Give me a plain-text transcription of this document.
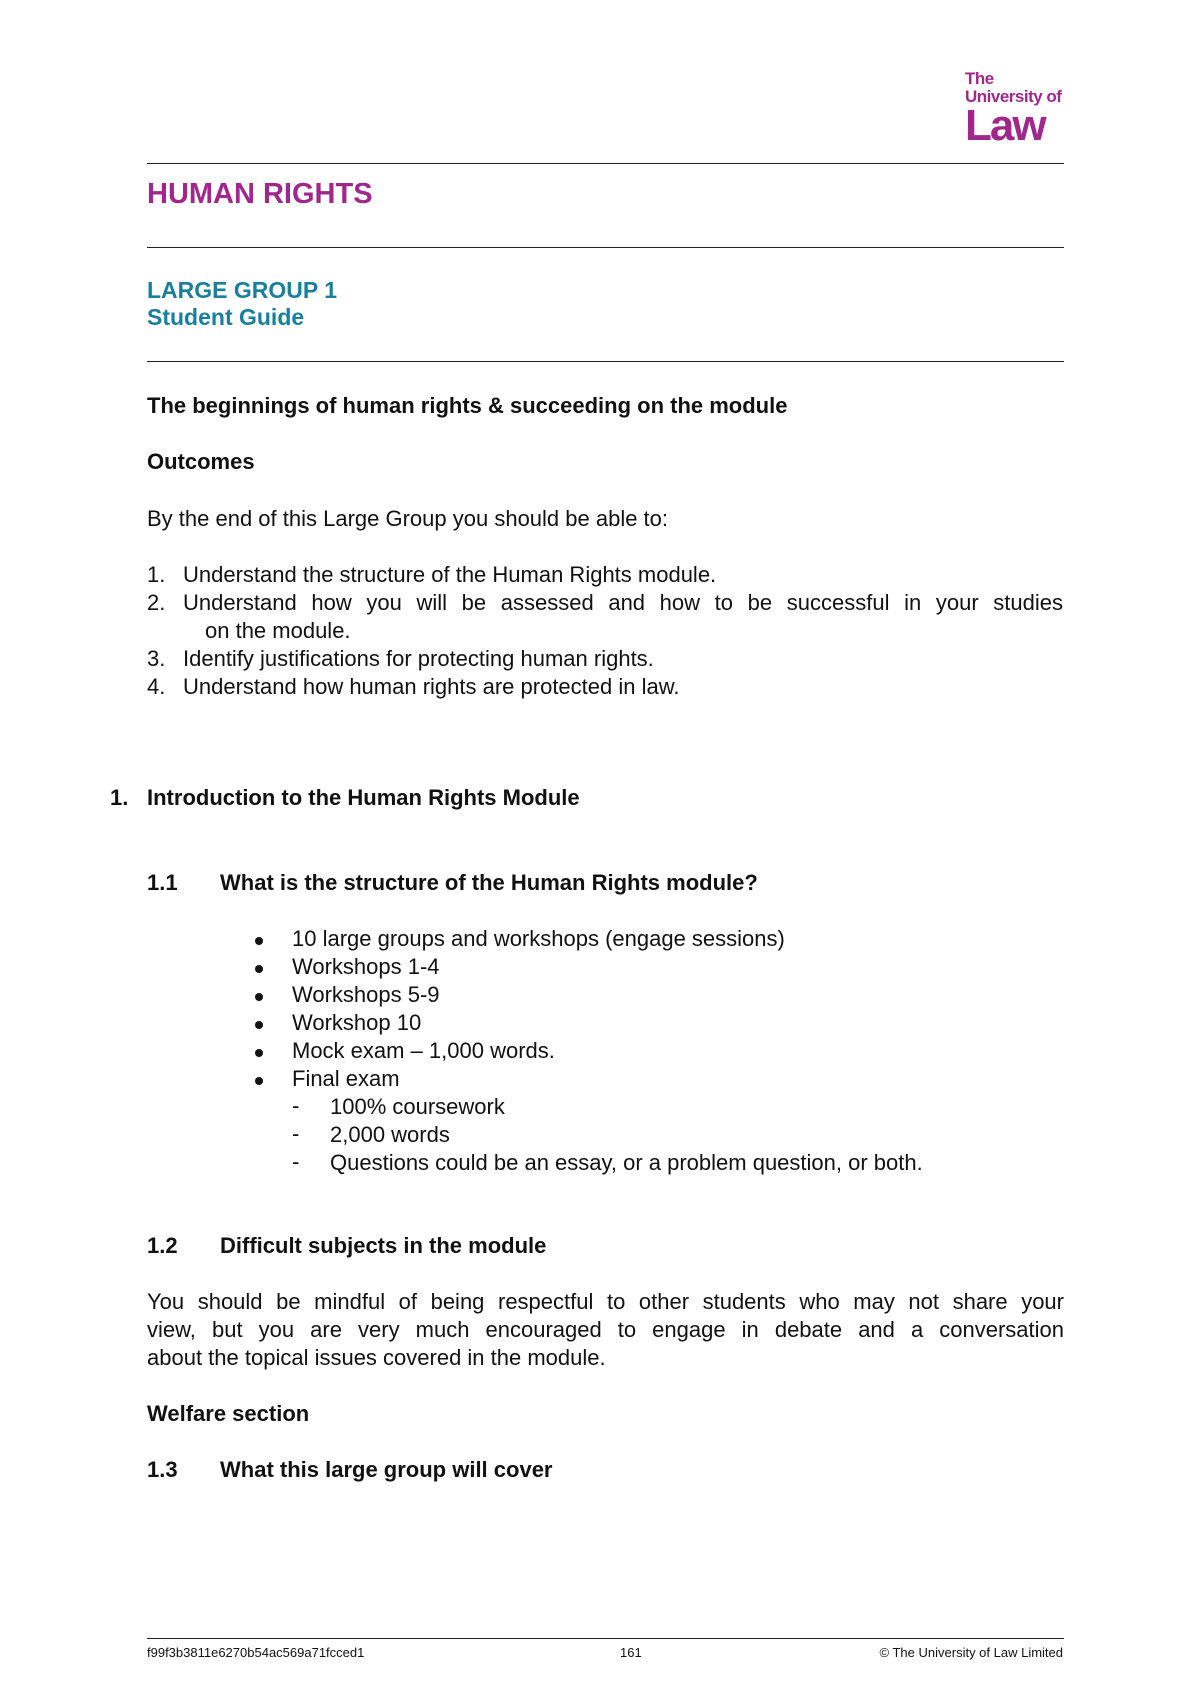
The
University of
Law
HUMAN RIGHTS
LARGE GROUP 1
Student Guide
The beginnings of human rights & succeeding on the module
Outcomes
By the end of this Large Group you should be able to:
1. Understand the structure of the Human Rights module.
2. Understand how you will be assessed and how to be successful in your studies
on the module.
3. Identify justifications for protecting human rights.
4. Understand how human rights are protected in law.
1. Introduction to the Human Rights Module
1.1 What is the structure of the Human Rights module?
10 large groups and workshops (engage sessions)
Workshops 1-4
Workshops 5-9
Workshop 10
Mock exam – 1,000 words.
Final exam
- 100% coursework
- 2,000 words
- Questions could be an essay, or a problem question, or both.
1.2 Difficult subjects in the module
You should be mindful of being respectful to other students who may not share your
view, but you are very much encouraged to engage in debate and a conversation
about the topical issues covered in the module.
Welfare section
1.3 What this large group will cover
f99f3b3811e6270b54ac569a71fcced1	161	© The University of Law Limited
